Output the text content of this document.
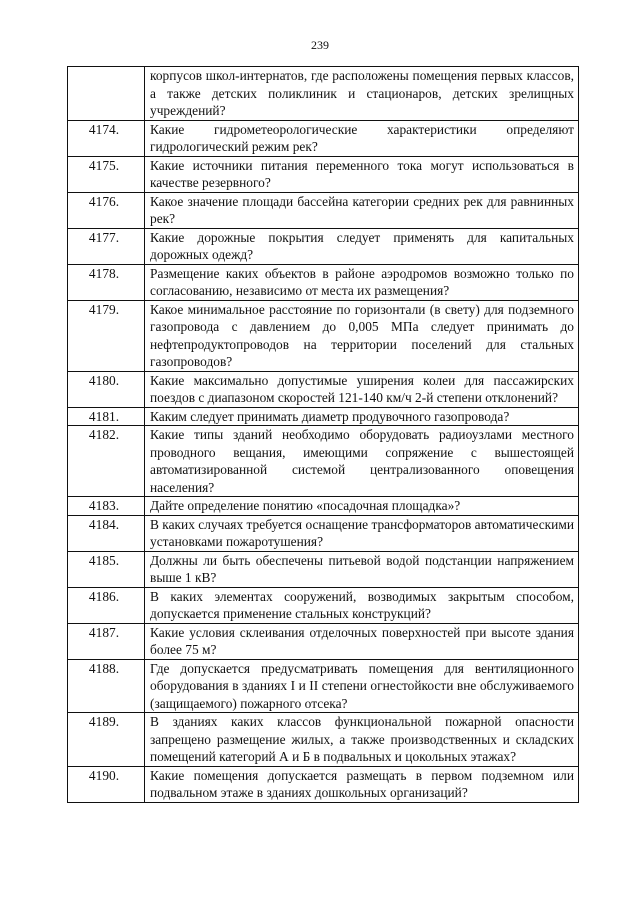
239
	корпусов школ-интернатов, где расположены помещения первых классов, а также детских поликлиник и стационаров, детских зрелищных учреждений?
4174.	Какие гидрометеорологические характеристики определяют гидрологический режим рек?
4175.	Какие источники питания переменного тока могут использоваться в качестве резервного?
4176.	Какое значение площади бассейна категории средних рек для равнинных рек?
4177.	Какие дорожные покрытия следует применять для капитальных дорожных одежд?
4178.	Размещение каких объектов в районе аэродромов возможно только по согласованию, независимо от места их размещения?
4179.	Какое минимальное расстояние по горизонтали (в свету) для подземного газопровода с давлением до 0,005 МПа следует принимать до нефтепродуктопроводов на территории поселений для стальных газопроводов?
4180.	Какие максимально допустимые уширения колеи для пассажирских поездов с диапазоном скоростей 121-140 км/ч 2-й степени отклонений?
4181.	Каким следует принимать диаметр продувочного газопровода?
4182.	Какие типы зданий необходимо оборудовать радиоузлами местного проводного вещания, имеющими сопряжение с вышестоящей автоматизированной системой централизованного оповещения населения?
4183.	Дайте определение понятию «посадочная площадка»?
4184.	В каких случаях требуется оснащение трансформаторов автоматическими установками пожаротушения?
4185.	Должны ли быть обеспечены питьевой водой подстанции напряжением выше 1 кВ?
4186.	В каких элементах сооружений, возводимых закрытым способом, допускается применение стальных конструкций?
4187.	Какие условия склеивания отделочных поверхностей при высоте здания более 75 м?
4188.	Где допускается предусматривать помещения для вентиляционного оборудования в зданиях I и II степени огнестойкости вне обслуживаемого (защищаемого) пожарного отсека?
4189.	В зданиях каких классов функциональной пожарной опасности запрещено размещение жилых, а также производственных и складских помещений категорий А и Б в подвальных и цокольных этажах?
4190.	Какие помещения допускается размещать в первом подземном или подвальном этаже в зданиях дошкольных организаций?
